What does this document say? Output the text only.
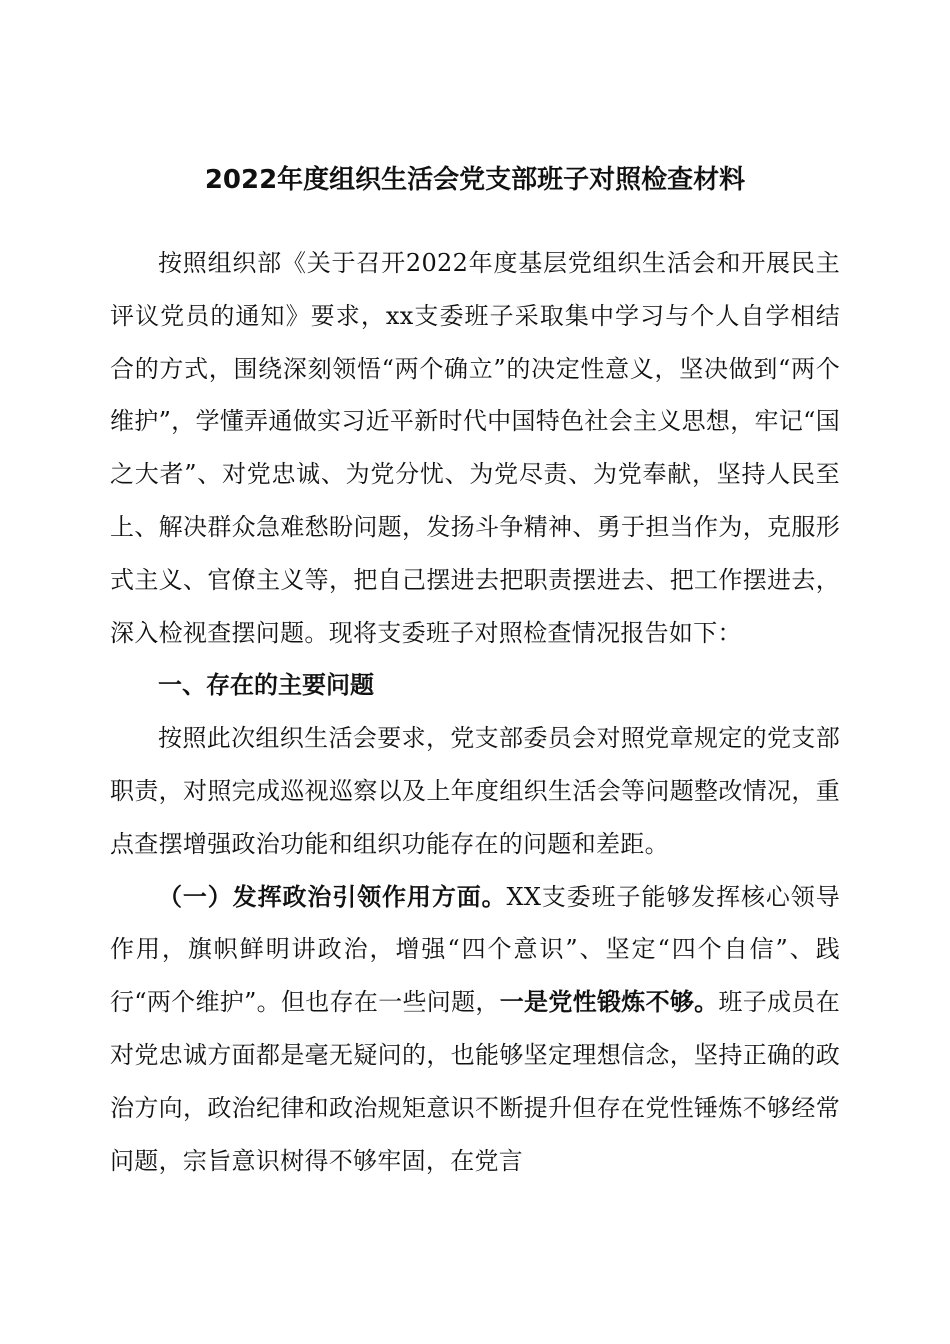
2022年度组织生活会党支部班子对照检查材料

按照组织部《关于召开2022年度基层党组织生活会和开展民主评议党员的通知》要求，xx支委班子采取集中学习与个人自学相结合的方式，围绕深刻领悟“两个确立”的决定性意义，坚决做到“两个维护”，学懂弄通做实习近平新时代中国特色社会主义思想，牢记“国之大者”、对党忠诚、为党分忧、为党尽责、为党奉献，坚持人民至上、解决群众急难愁盼问题，发扬斗争精神、勇于担当作为，克服形式主义、官僚主义等，把自己摆进去把职责摆进去、把工作摆进去，深入检视查摆问题。现将支委班子对照检查情况报告如下：

一、存在的主要问题

按照此次组织生活会要求，党支部委员会对照党章规定的党支部职责，对照完成巡视巡察以及上年度组织生活会等问题整改情况，重点查摆增强政治功能和组织功能存在的问题和差距。

（一）发挥政治引领作用方面。XX支委班子能够发挥核心领导作用，旗帜鲜明讲政治，增强“四个意识”、坚定“四个自信”、践行“两个维护”。但也存在一些问题，一是党性锻炼不够。班子成员在对党忠诚方面都是毫无疑问的，也能够坚定理想信念，坚持正确的政治方向，政治纪律和政治规矩意识不断提升但存在党性锤炼不够经常问题，宗旨意识树得不够牢固，在党言
